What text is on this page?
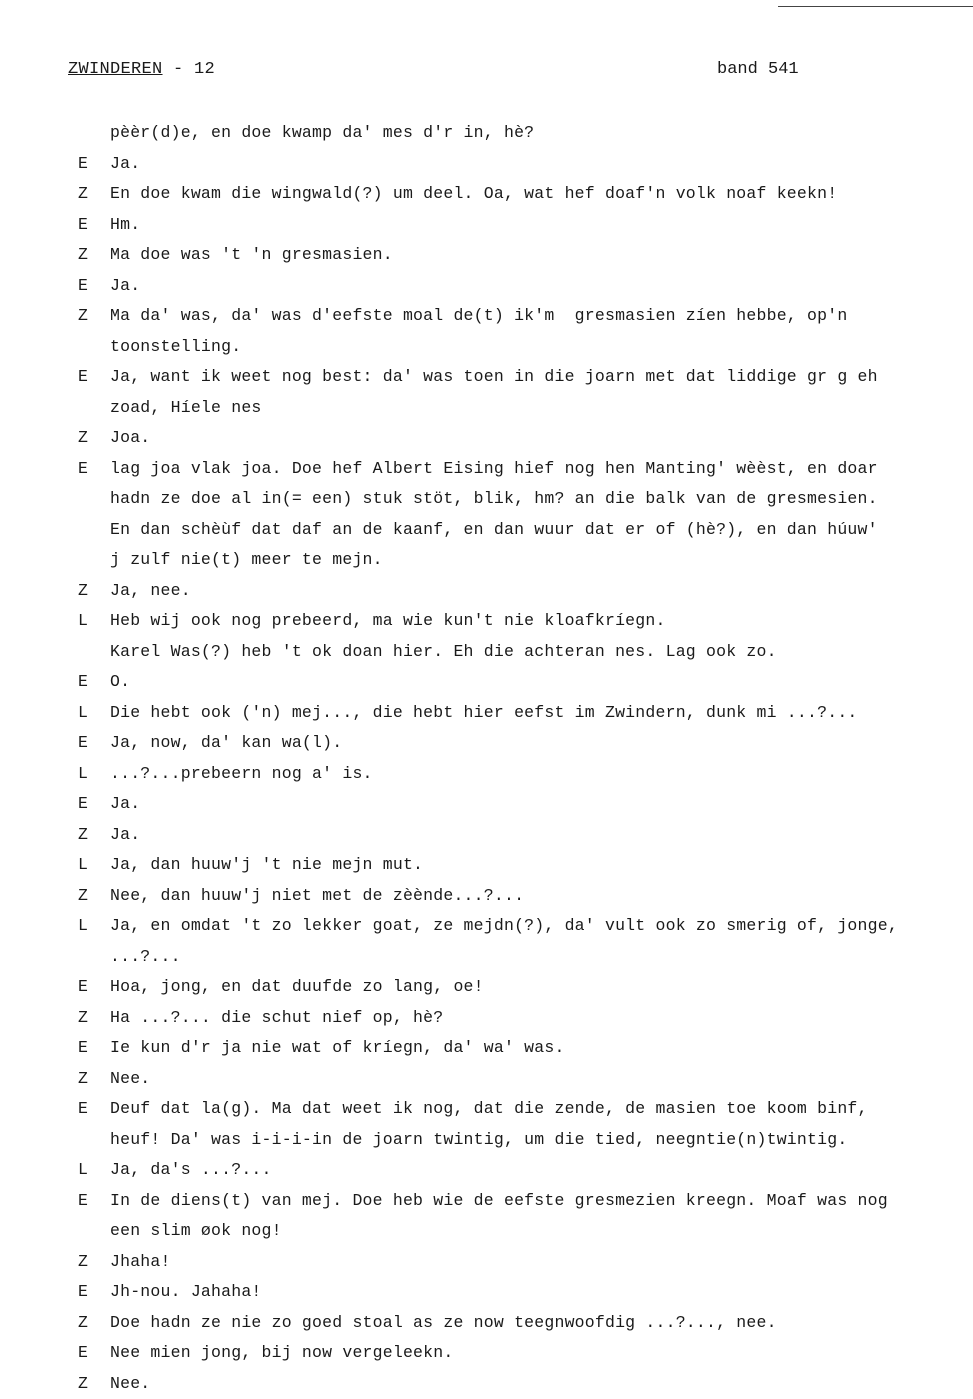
ZWINDEREN - 12	band 541
pèèr(d)e, en doe kwamp da' mes d'r in, hè?
E Ja.
Z En doe kwam die wingwald(?) um deel. Oa, wat hef doaf'n volk noaf keekn!
E Hm.
Z Ma doe was 't 'n gresmasien.
E Ja.
Z Ma da' was, da' was d'eefste moal de(t) ik'm  gresmasien zíen hebbe, op'n
toonstelling.
E Ja, want ik weet nog best: da' was toen in die joarn met dat liddige gr g eh
zoad, Híele nes
Z Joa.
E lag joa vlak joa. Doe hef Albert Eising hief nog hen Manting' wèèst, en doar
hadn ze doe al in(= een) stuk stöt, blik, hm? an die balk van de gresmesien.
En dan schèùf dat daf an de kaanf, en dan wuur dat er of (hè?), en dan húuw'
j zulf nie(t) meer te mejn.
Z Ja, nee.
L Heb wij ook nog prebeerd, ma wie kun't nie kloafkríegn.
Karel Was(?) heb 't ok doan hier. Eh die achteran nes. Lag ook zo.
E O.
L Die hebt ook ('n) mej..., die hebt hier eefst im Zwindern, dunk mi ...?...
E Ja, now, da' kan wa(l).
L ...?...prebeern nog a' is.
E Ja.
Z Ja.
L Ja, dan huuw'j 't nie mejn mut.
Z Nee, dan huuw'j niet met de zèènde...?...
L Ja, en omdat 't zo lekker goat, ze mejdn(?), da' vult ook zo smerig of, jonge,
...?...
E Hoa, jong, en dat duufde zo lang, oe!
Z Ha ...?... die schut nief op, hè?
E Ie kun d'r ja nie wat of kríegn, da' wa' was.
Z Nee.
E Deuf dat la(g). Ma dat weet ik nog, dat die zende, de masien toe koom binf,
heuf! Da' was i-i-i-in de joarn twintig, um die tied, neegntie(n)twintig.
L Ja, da's ...?...
E In de diens(t) van mej. Doe heb wie de eefste gresmezien kreegn. Moaf was nog
een slim øok nog!
Z Jhaha!
E Jh-nou. Jahaha!
Z Doe hadn ze nie zo goed stoal as ze now teegnwoofdig ...?..., nee.
E Nee mien jong, bij now vergeleekn.
Z Nee.
